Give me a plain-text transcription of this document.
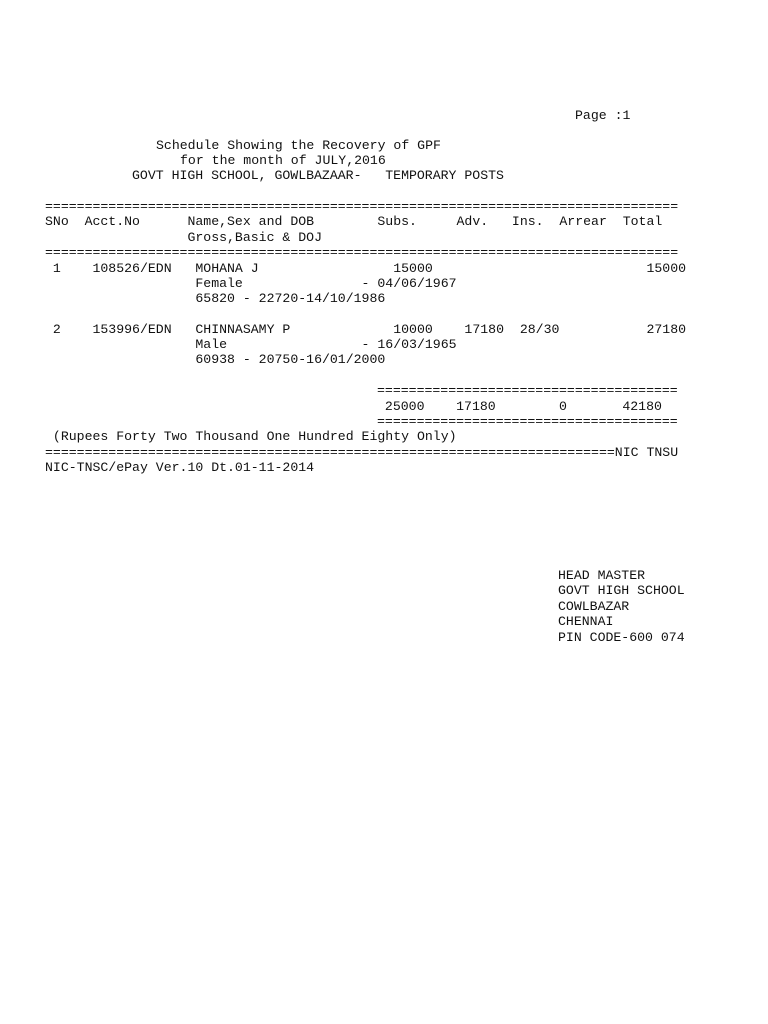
Page :1
Schedule Showing the Recovery of GPF
for the month of JULY,2016
GOVT HIGH SCHOOL, GOWLBAZAAR-   TEMPORARY POSTS
================================================================================
SNo  Acct.No      Name,Sex and DOB        Subs.     Adv.   Ins.  Arrear  Total
Gross,Basic & DOJ
================================================================================
1    108526/EDN   MOHANA J                 15000                           15000
Female               - 04/06/1967
65820 - 22720-14/10/1986
2    153996/EDN   CHINNASAMY P             10000    17180  28/30           27180
Male                 - 16/03/1965
60938 - 20750-16/01/2000
======================================
25000    17180        0       42180
======================================
(Rupees Forty Two Thousand One Hundred Eighty Only)
========================================================================NIC TNSU
NIC-TNSC/ePay Ver.10 Dt.01-11-2014
HEAD MASTER
GOVT HIGH SCHOOL
COWLBAZAR
CHENNAI
PIN CODE-600 074
